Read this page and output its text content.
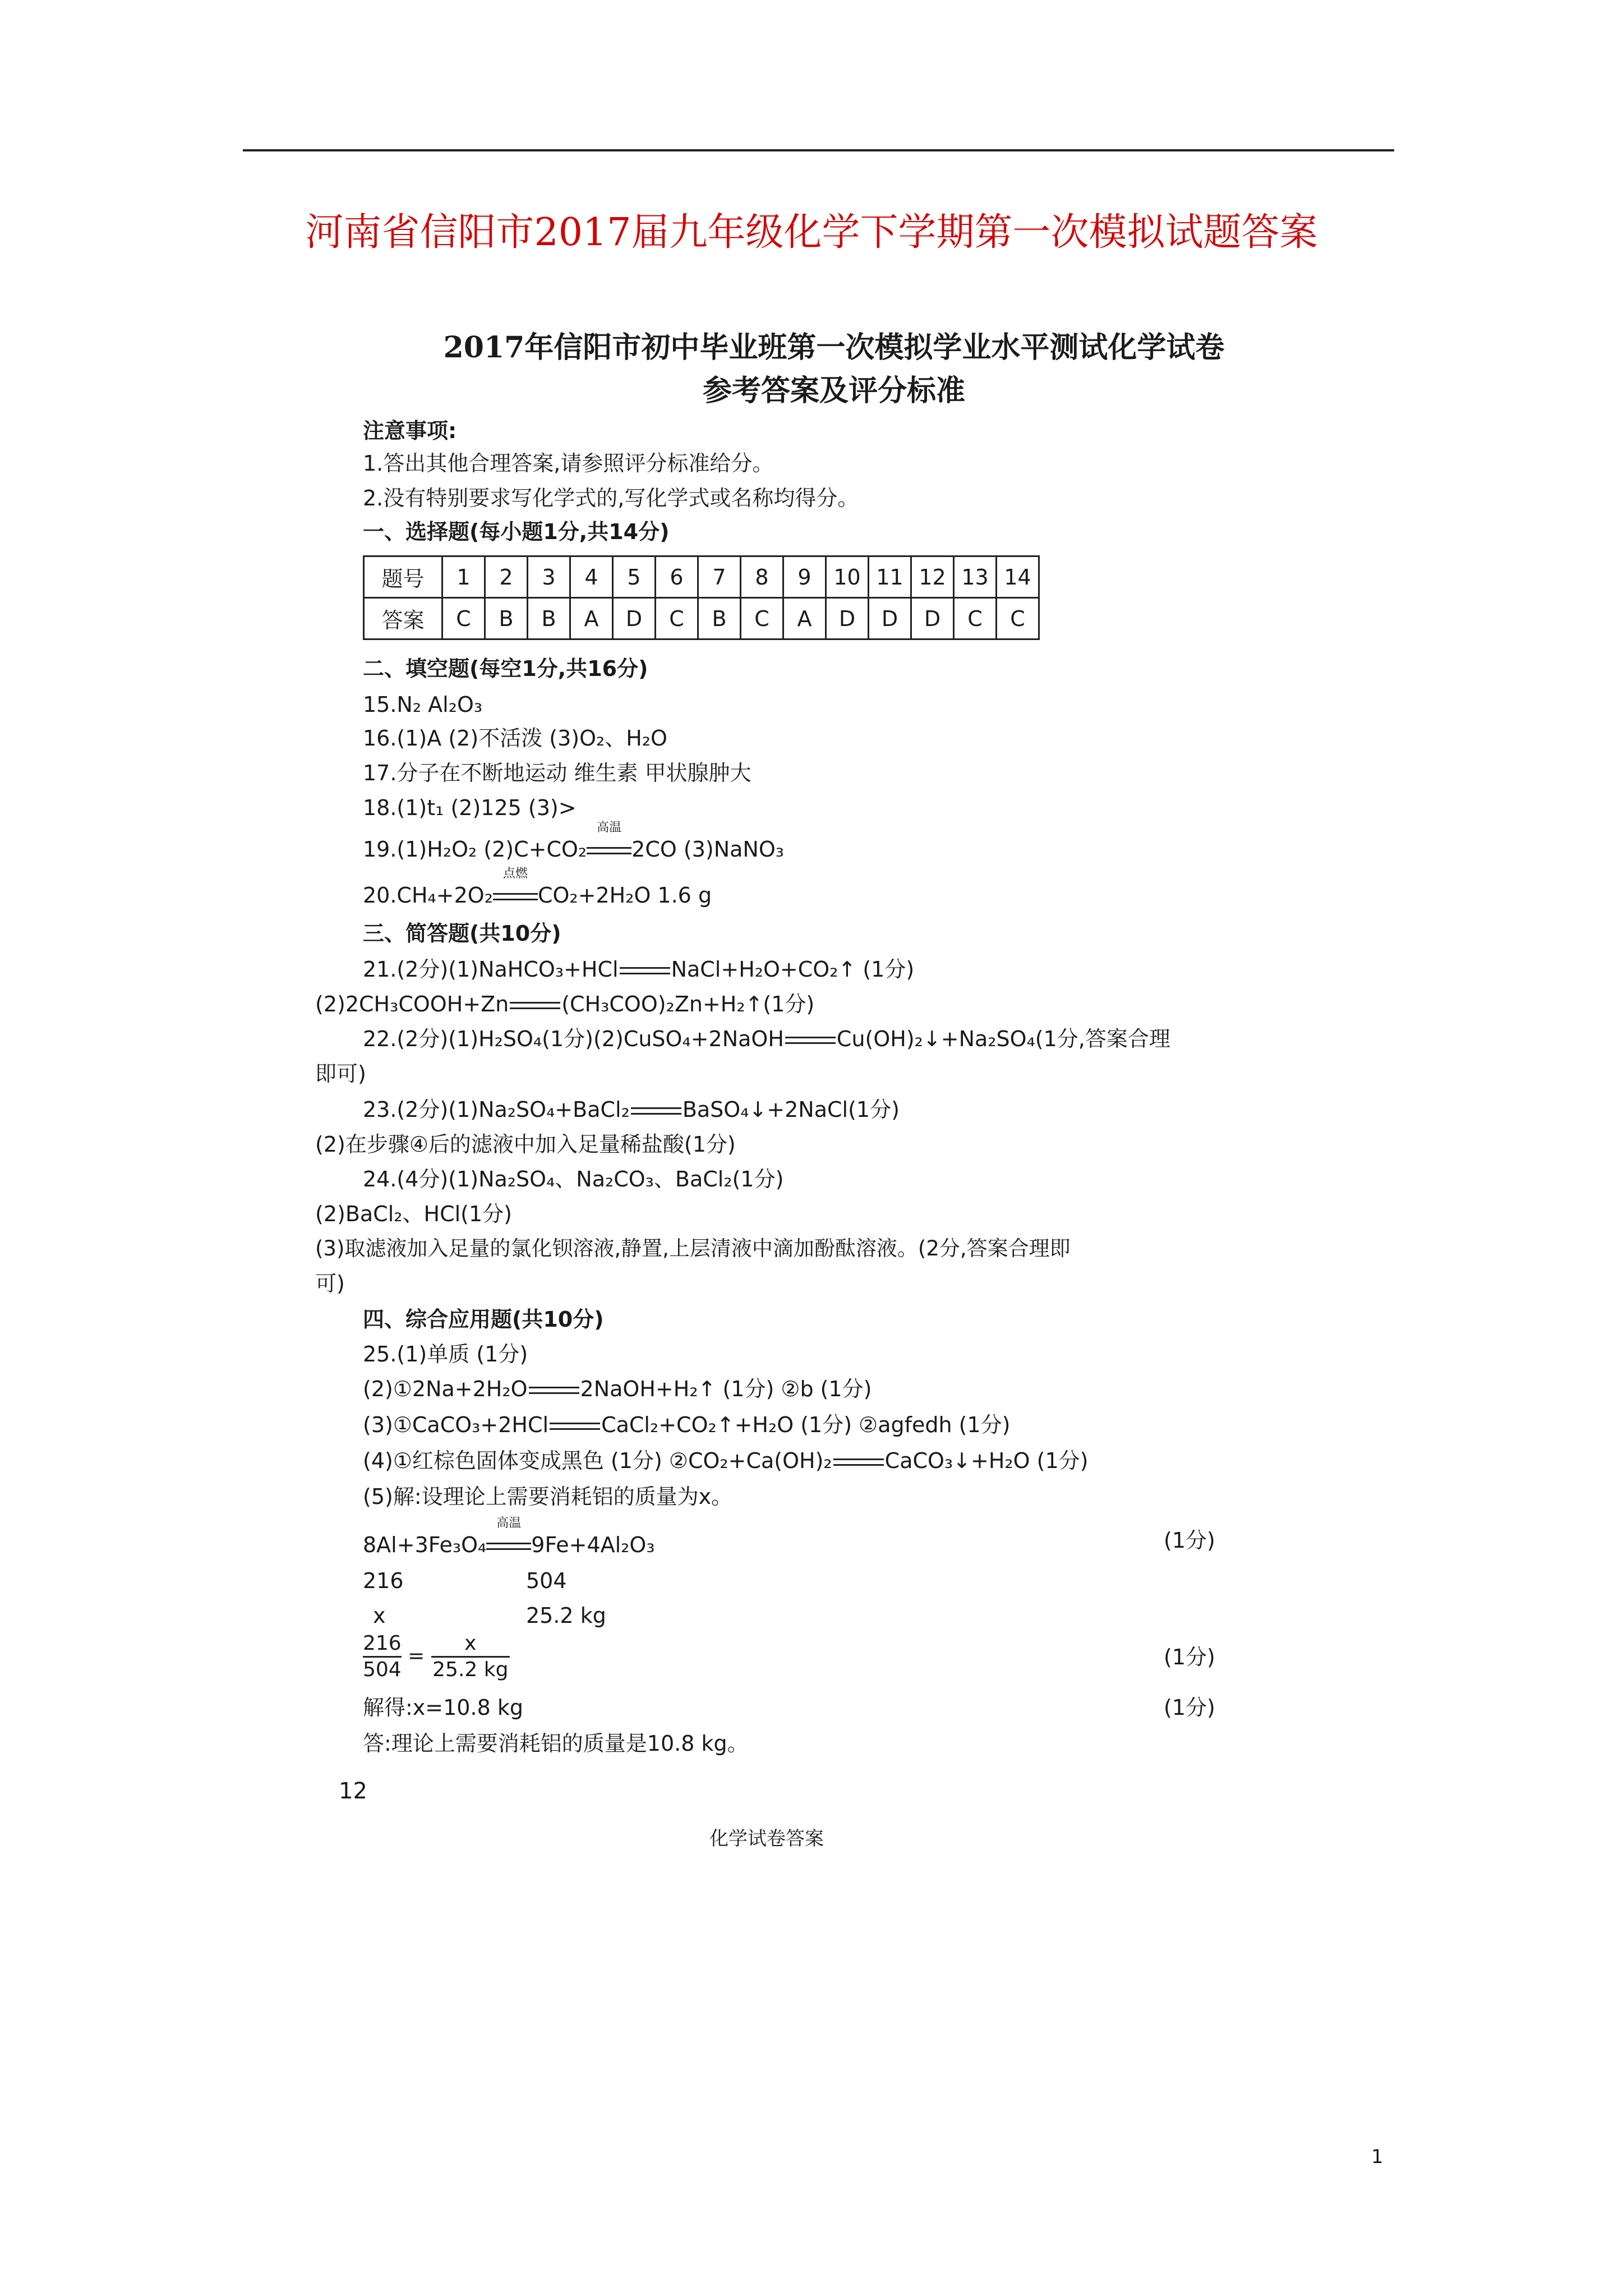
河南省信阳市2017届九年级化学下学期第一次模拟试题答案
2017年信阳市初中毕业班第一次模拟学业水平测试化学试卷
参考答案及评分标准
注意事项:
1.答出其他合理答案,请参照评分标准给分。
2.没有特别要求写化学式的,写化学式或名称均得分。
一、选择题(每小题1分,共14分)
题号	1	2	3	4	5	6	7	8	9	10	11	12	13	14
答案	C	B	B	A	D	C	B	C	A	D	D	D	C	C
二、填空题(每空1分,共16分)
15.N₂ Al₂O₃
16.(1)A (2)不活泼 (3)O₂、H₂O
17.分子在不断地运动 维生素 甲状腺肿大
18.(1)t₁ (2)125 (3)>
19.(1)H₂O₂ (2)C+CO₂
高温
2CO (3)NaNO₃
20.CH₄+2O₂
点燃
CO₂+2H₂O 1.6 g
三、简答题(共10分)
21.(2分)(1)NaHCO₃+HCl NaCl+H₂O+CO₂↑ (1分)
(2)2CH₃COOH+Zn (CH₃COO)₂Zn+H₂↑(1分)
22.(2分)(1)H₂SO₄(1分)(2)CuSO₄+2NaOH Cu(OH)₂↓+Na₂SO₄(1分,答案合理
即可)
23.(2分)(1)Na₂SO₄+BaCl₂ BaSO₄↓+2NaCl(1分)
(2)在步骤④后的滤液中加入足量稀盐酸(1分)
24.(4分)(1)Na₂SO₄、Na₂CO₃、BaCl₂(1分)
(2)BaCl₂、HCl(1分)
(3)取滤液加入足量的氯化钡溶液,静置,上层清液中滴加酚酞溶液。(2分,答案合理即
可)
四、综合应用题(共10分)
25.(1)单质 (1分)
(2)①2Na+2H₂O 2NaOH+H₂↑ (1分) ②b (1分)
(3)①CaCO₃+2HCl CaCl₂+CO₂↑+H₂O (1分) ②agfedh (1分)
(4)①红棕色固体变成黑色 (1分) ②CO₂+Ca(OH)₂ CaCO₃↓+H₂O (1分)
(5)解:设理论上需要消耗铝的质量为x。
8Al+3Fe₃O₄
高温
9Fe+4Al₂O₃	(1分)
216	504
x	25.2 kg
$\frac{216}{504} = \frac{x}{25.2 kg}$	(1分)
解得:x=10.8 kg	(1分)
答:理论上需要消耗铝的质量是10.8 kg。
12
化学试卷答案
1
